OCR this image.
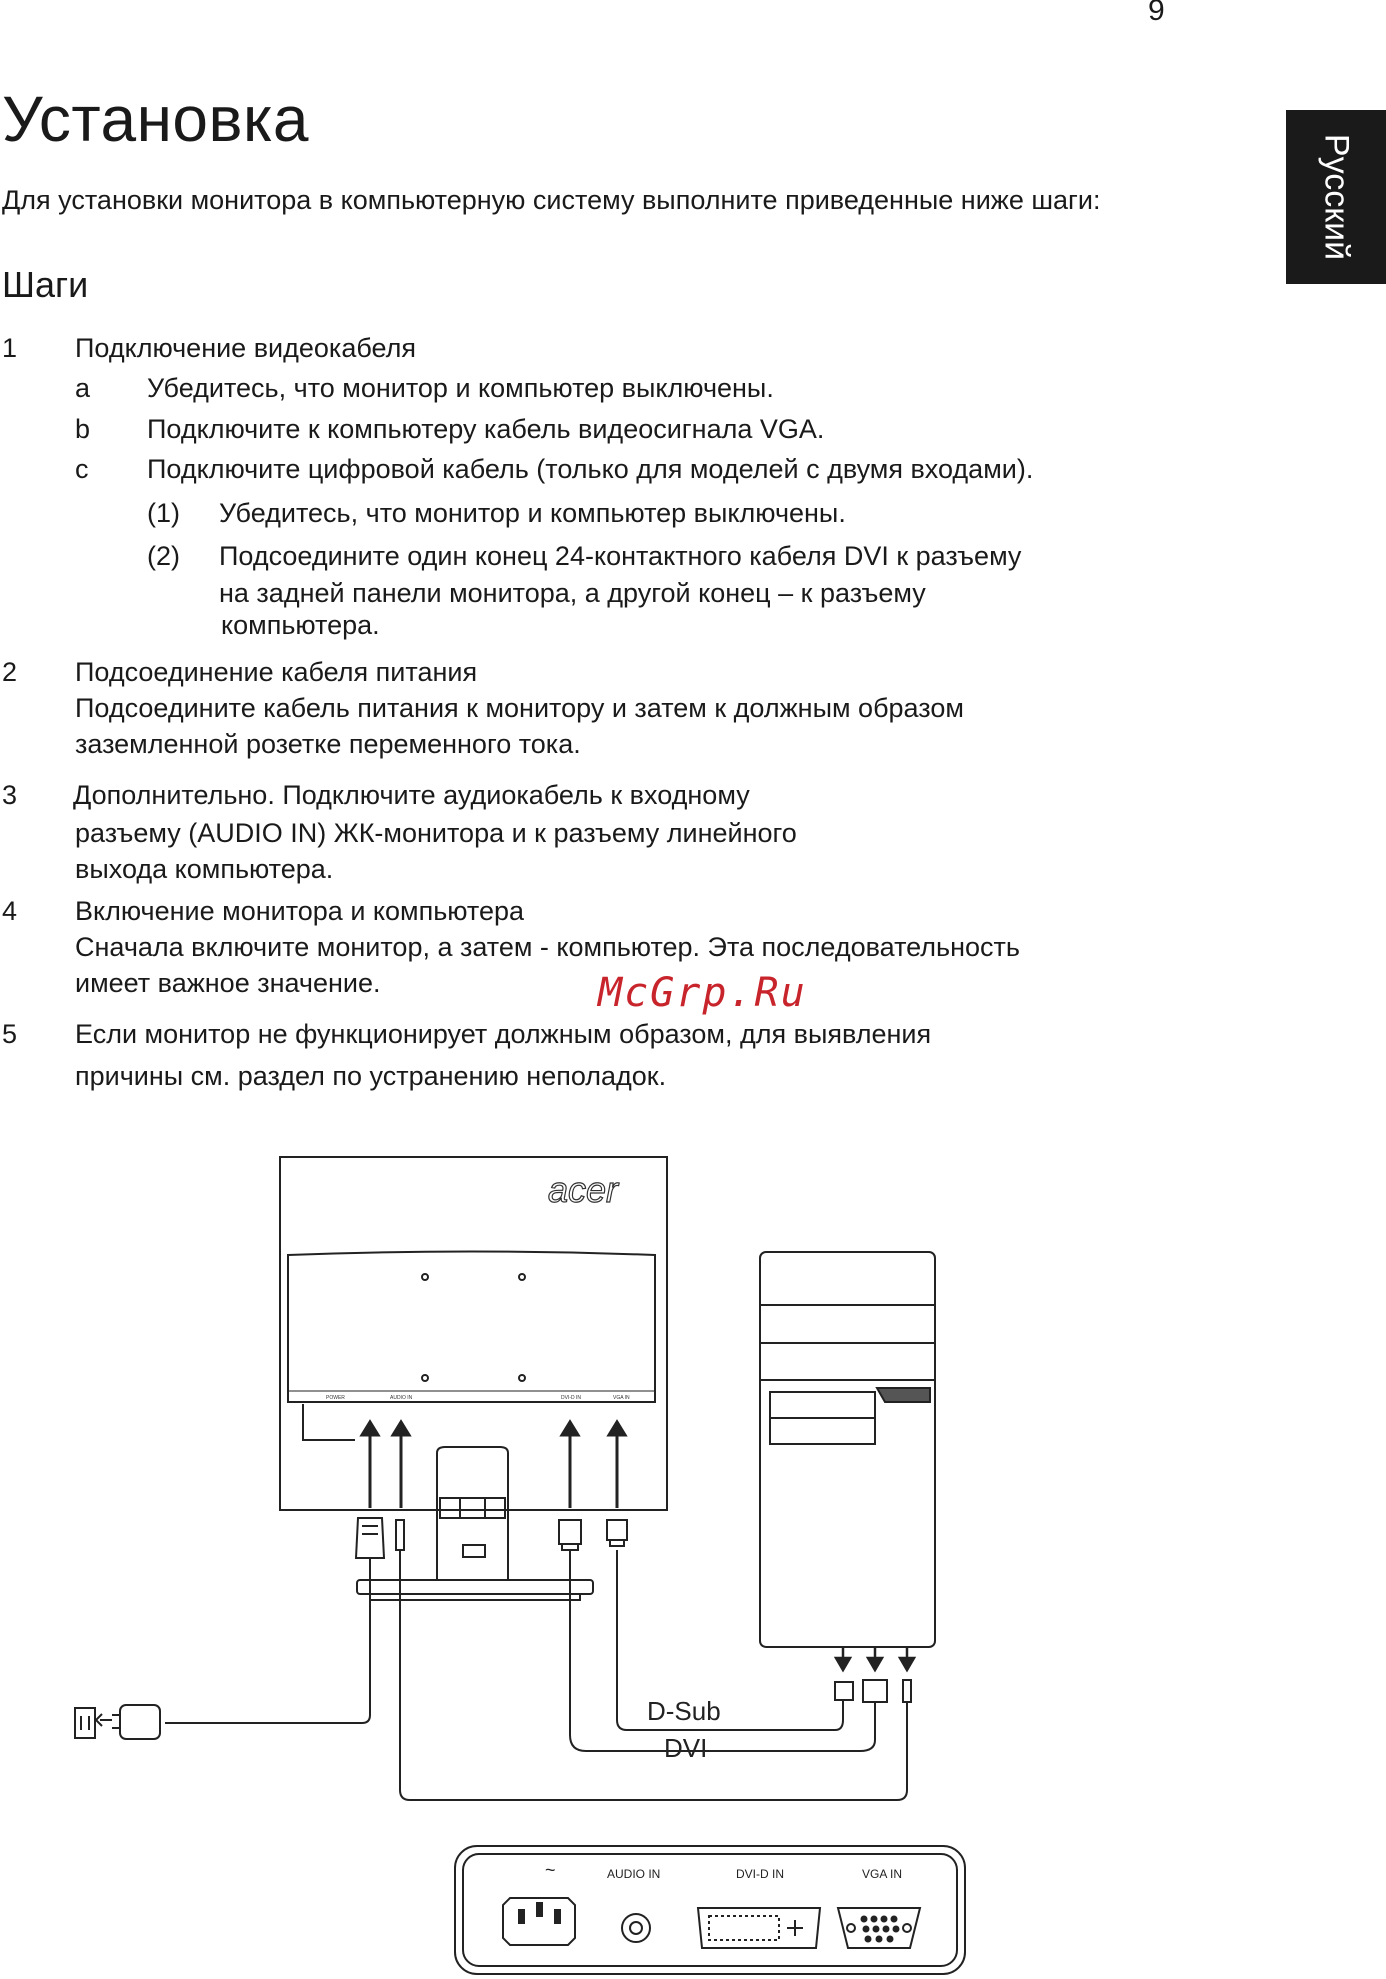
9
Русский
Установка

Для установки монитора в компьютерную систему выполните приведенные ниже шаги:

Шаги
1 Подключение видеокабеля
a Убедитесь, что монитор и компьютер выключены.
b Подключите к компьютеру кабель видеосигнала VGA.
c Подключите цифровой кабель (только для моделей с двумя входами).
(1) Убедитесь, что монитор и компьютер выключены.
(2) Подсоедините один конец 24-контактного кабеля DVI к разъему
на задней панели монитора, а другой конец – к разъему
компьютера.
2 Подсоединение кабеля питания
Подсоедините кабель питания к монитору и затем к должным образом
заземленной розетке переменного тока.
3 Дополнительно. Подключите аудиокабель к входному
разъему (AUDIO IN) ЖК-монитора и к разъему линейного
выхода компьютера.
4 Включение монитора и компьютера
Сначала включите монитор, а затем - компьютер. Эта последовательность
имеет важное значение.	McGrp.Ru
5 Если монитор не функционирует должным образом, для выявления
причины см. раздел по устранению неполадок.
acer
POWER	AUDIO IN	DVI-D IN	VGA IN
D-Sub
DVI
~	AUDIO IN	DVI-D IN	VGA IN
